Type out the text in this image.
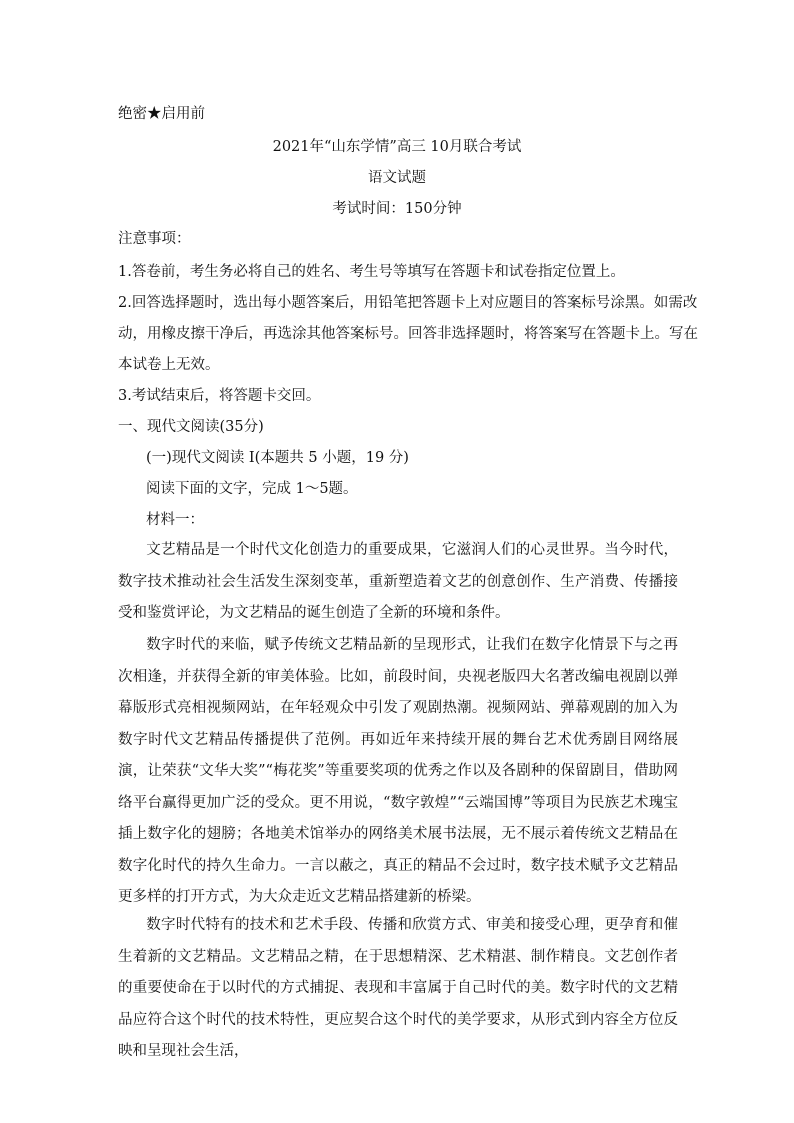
绝密★启用前
2021年“山东学情”高三 10月联合考试
语文试题
考试时间：150分钟
注意事项：
1.答卷前，考生务必将自己的姓名、考生号等填写在答题卡和试卷指定位置上。
2.回答选择题时，选出每小题答案后，用铅笔把答题卡上对应题目的答案标号涂黑。如需改
动，用橡皮擦干净后，再选涂其他答案标号。回答非选择题时，将答案写在答题卡上。写在
本试卷上无效。
3.考试结束后，将答题卡交回。
一、现代文阅读(35分)
(一)现代文阅读 I(本题共 5 小题，19 分)
阅读下面的文字，完成 1～5题。
材料一：
文艺精品是一个时代文化创造力的重要成果，它滋润人们的心灵世界。当今时代，数字技术推动社会生活发生深刻变革，重新塑造着文艺的创意创作、生产消费、传播接受和鉴赏评论，为文艺精品的诞生创造了全新的环境和条件。
数字时代的来临，赋予传统文艺精品新的呈现形式，让我们在数字化情景下与之再次相逢，并获得全新的审美体验。比如，前段时间，央视老版四大名著改编电视剧以弹幕版形式亮相视频网站，在年轻观众中引发了观剧热潮。视频网站、弹幕观剧的加入为数字时代文艺精品传播提供了范例。再如近年来持续开展的舞台艺术优秀剧目网络展演，让荣获“文华大奖”“梅花奖”等重要奖项的优秀之作以及各剧种的保留剧目，借助网络平台赢得更加广泛的受众。更不用说，“数字敦煌”“云端国博”等项目为民族艺术瑰宝插上数字化的翅膀；各地美术馆举办的网络美术展书法展，无不展示着传统文艺精品在数字化时代的持久生命力。一言以蔽之，真正的精品不会过时，数字技术赋予文艺精品更多样的打开方式，为大众走近文艺精品搭建新的桥梁。
数字时代特有的技术和艺术手段、传播和欣赏方式、审美和接受心理，更孕育和催生着新的文艺精品。文艺精品之精，在于思想精深、艺术精湛、制作精良。文艺创作者的重要使命在于以时代的方式捕捉、表现和丰富属于自己时代的美。数字时代的文艺精品应符合这个时代的技术特性，更应契合这个时代的美学要求，从形式到内容全方位反映和呈现社会生活，
